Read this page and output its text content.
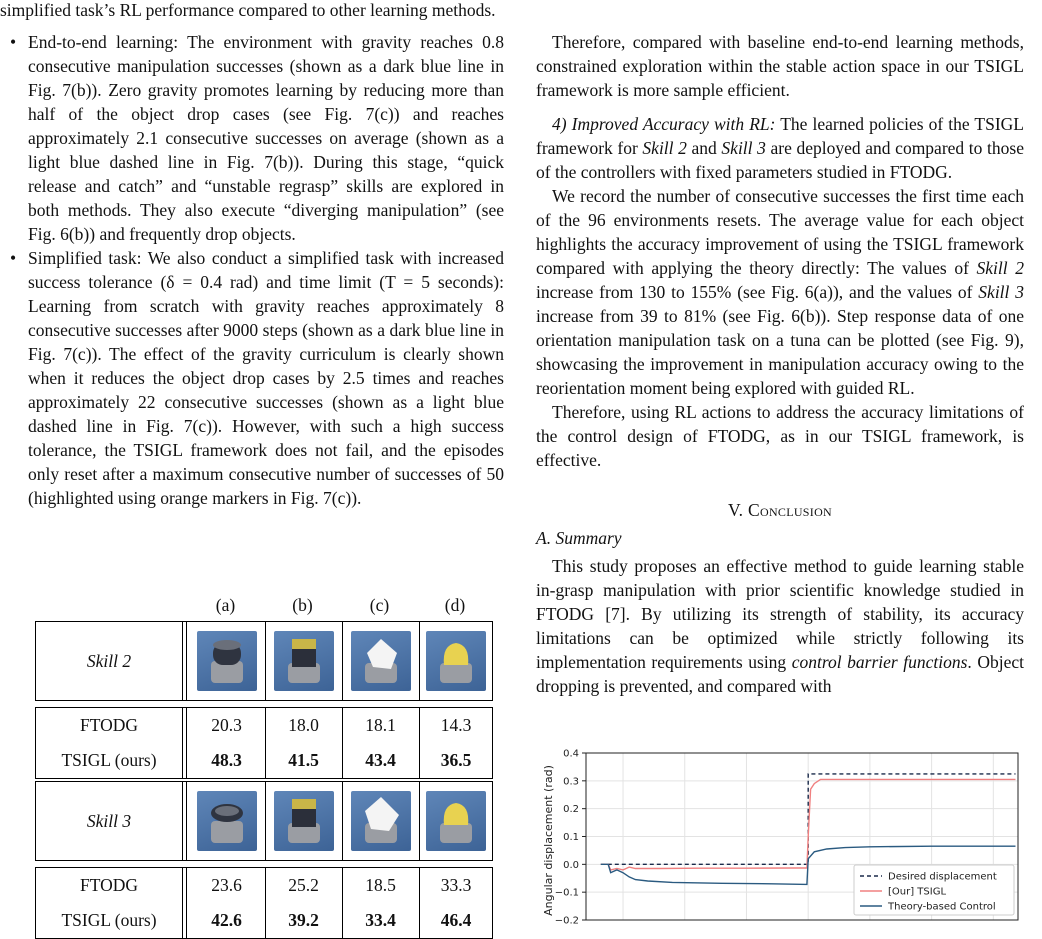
simplified task’s RL performance compared to other learning methods.
• End-to-end learning: The environment with gravity reaches 0.8 consecutive manipulation successes (shown as a dark blue line in Fig. 7(b)). Zero gravity promotes learning by reducing more than half of the object drop cases (see Fig. 7(c)) and reaches approximately 2.1 consecutive successes on average (shown as a light blue dashed line in Fig. 7(b)). During this stage, “quick release and catch” and “unstable regrasp” skills are explored in both methods. They also execute “diverging manipulation” (see Fig. 6(b)) and frequently drop objects.
• Simplified task: We also conduct a simplified task with increased success tolerance (δ = 0.4 rad) and time limit (T = 5 seconds): Learning from scratch with gravity reaches approximately 8 consecutive successes after 9000 steps (shown as a dark blue line in Fig. 7(c)). The effect of the gravity curriculum is clearly shown when it reduces the object drop cases by 2.5 times and reaches approximately 22 consecutive successes (shown as a light blue dashed line in Fig. 7(c)). However, with such a high success tolerance, the TSIGL framework does not fail, and the episodes only reset after a maximum consecutive number of successes of 50 (highlighted using orange markers in Fig. 7(c)).
(a)	(b)	(c)	(d)
Skill 2
FTODG	20.3	18.0	18.1	14.3
TSIGL (ours)	48.3	41.5	43.4	36.5
Skill 3
FTODG	23.6	25.2	18.5	33.3
TSIGL (ours)	42.6	39.2	33.4	46.4

Therefore, compared with baseline end-to-end learning methods, constrained exploration within the stable action space in our TSIGL framework is more sample efficient.

4) Improved Accuracy with RL: The learned policies of the TSIGL framework for Skill 2 and Skill 3 are deployed and compared to those of the controllers with fixed parameters studied in FTODG.

We record the number of consecutive successes the first time each of the 96 environments resets. The average value for each object highlights the accuracy improvement of using the TSIGL framework compared with applying the theory directly: The values of Skill 2 increase from 130 to 155% (see Fig. 6(a)), and the values of Skill 3 increase from 39 to 81% (see Fig. 6(b)). Step response data of one orientation manipulation task on a tuna can be plotted (see Fig. 9), showcasing the improvement in manipulation accuracy owing to the reorientation moment being explored with guided RL.

Therefore, using RL actions to address the accuracy limitations of the control design of FTODG, as in our TSIGL framework, is effective.

V. Conclusion

A. Summary

This study proposes an effective method to guide learning stable in-grasp manipulation with prior scientific knowledge studied in FTODG [7]. By utilizing its strength of stability, its accuracy limitations can be optimized while strictly following its implementation requirements using control barrier functions. Object dropping is prevented, and compared with

−0.2
−0.1
0.0
0.1
0.2
0.3
0.4
Angular displacement (rad)	Desired displacement
[Our] TSIGL
Theory-based Control
